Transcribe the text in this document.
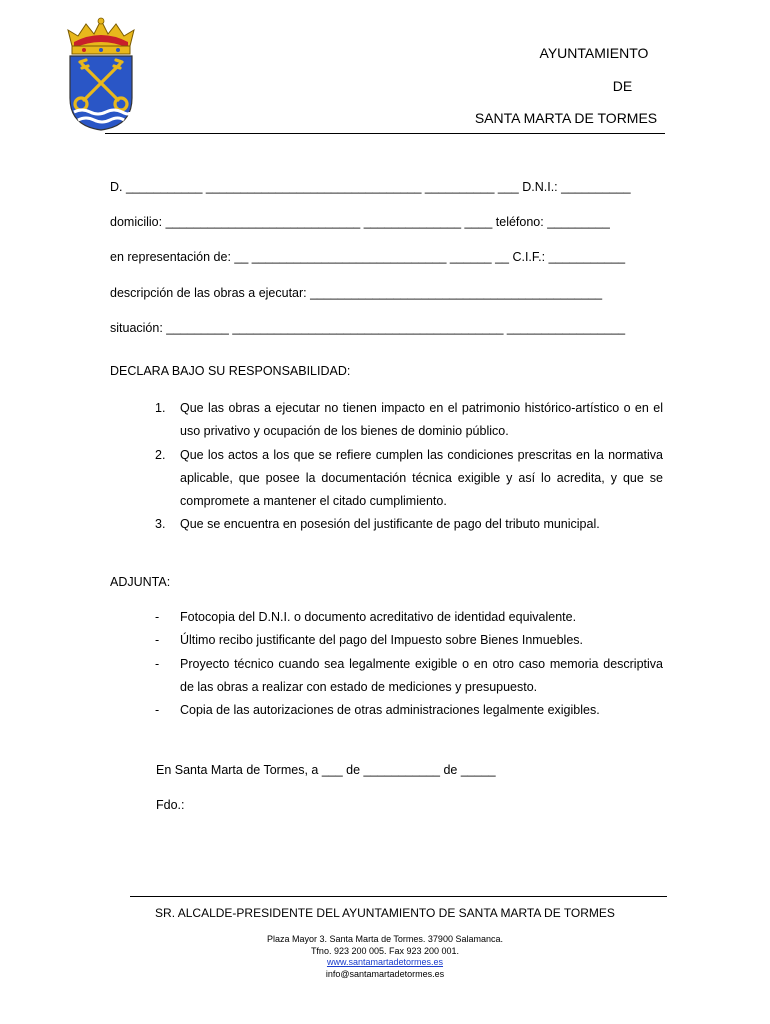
AYUNTAMIENTO
DE
SANTA MARTA DE TORMES
D. ___________ _______________________________ __________ ___ D.N.I.: __________
domicilio: ____________________________ ______________ ____ teléfono: _________
en representación de: __ ____________________________ ______ __ C.I.F.: ___________
descripción de las obras a ejecutar: __________________________________________
situación: _________ _______________________________________ _________________
DECLARA BAJO SU RESPONSABILIDAD:
1.	Que las obras a ejecutar no tienen impacto en el patrimonio histórico-artístico o en el uso privativo y ocupación de los bienes de dominio público.
2.	Que los actos a los que se refiere cumplen las condiciones prescritas en la normativa aplicable, que posee la documentación técnica exigible y así lo acredita, y que se compromete a mantener el citado cumplimiento.
3.	Que se encuentra en posesión del justificante de pago del tributo municipal.
ADJUNTA:
-	Fotocopia del D.N.I. o documento acreditativo de identidad equivalente.
-	Último recibo justificante del pago del Impuesto sobre Bienes Inmuebles.
-	Proyecto técnico cuando sea legalmente exigible o en otro caso memoria descriptiva de las obras a realizar con estado de mediciones y presupuesto.
-	Copia de las autorizaciones de otras administraciones legalmente exigibles.
En Santa Marta de Tormes, a ___ de ___________ de _____
Fdo.:
SR. ALCALDE-PRESIDENTE DEL AYUNTAMIENTO DE SANTA MARTA DE TORMES
Plaza Mayor 3. Santa Marta de Tormes. 37900 Salamanca.
Tfno. 923 200 005. Fax 923 200 001.
www.santamartadetormes.es
info@santamartadetormes.es
